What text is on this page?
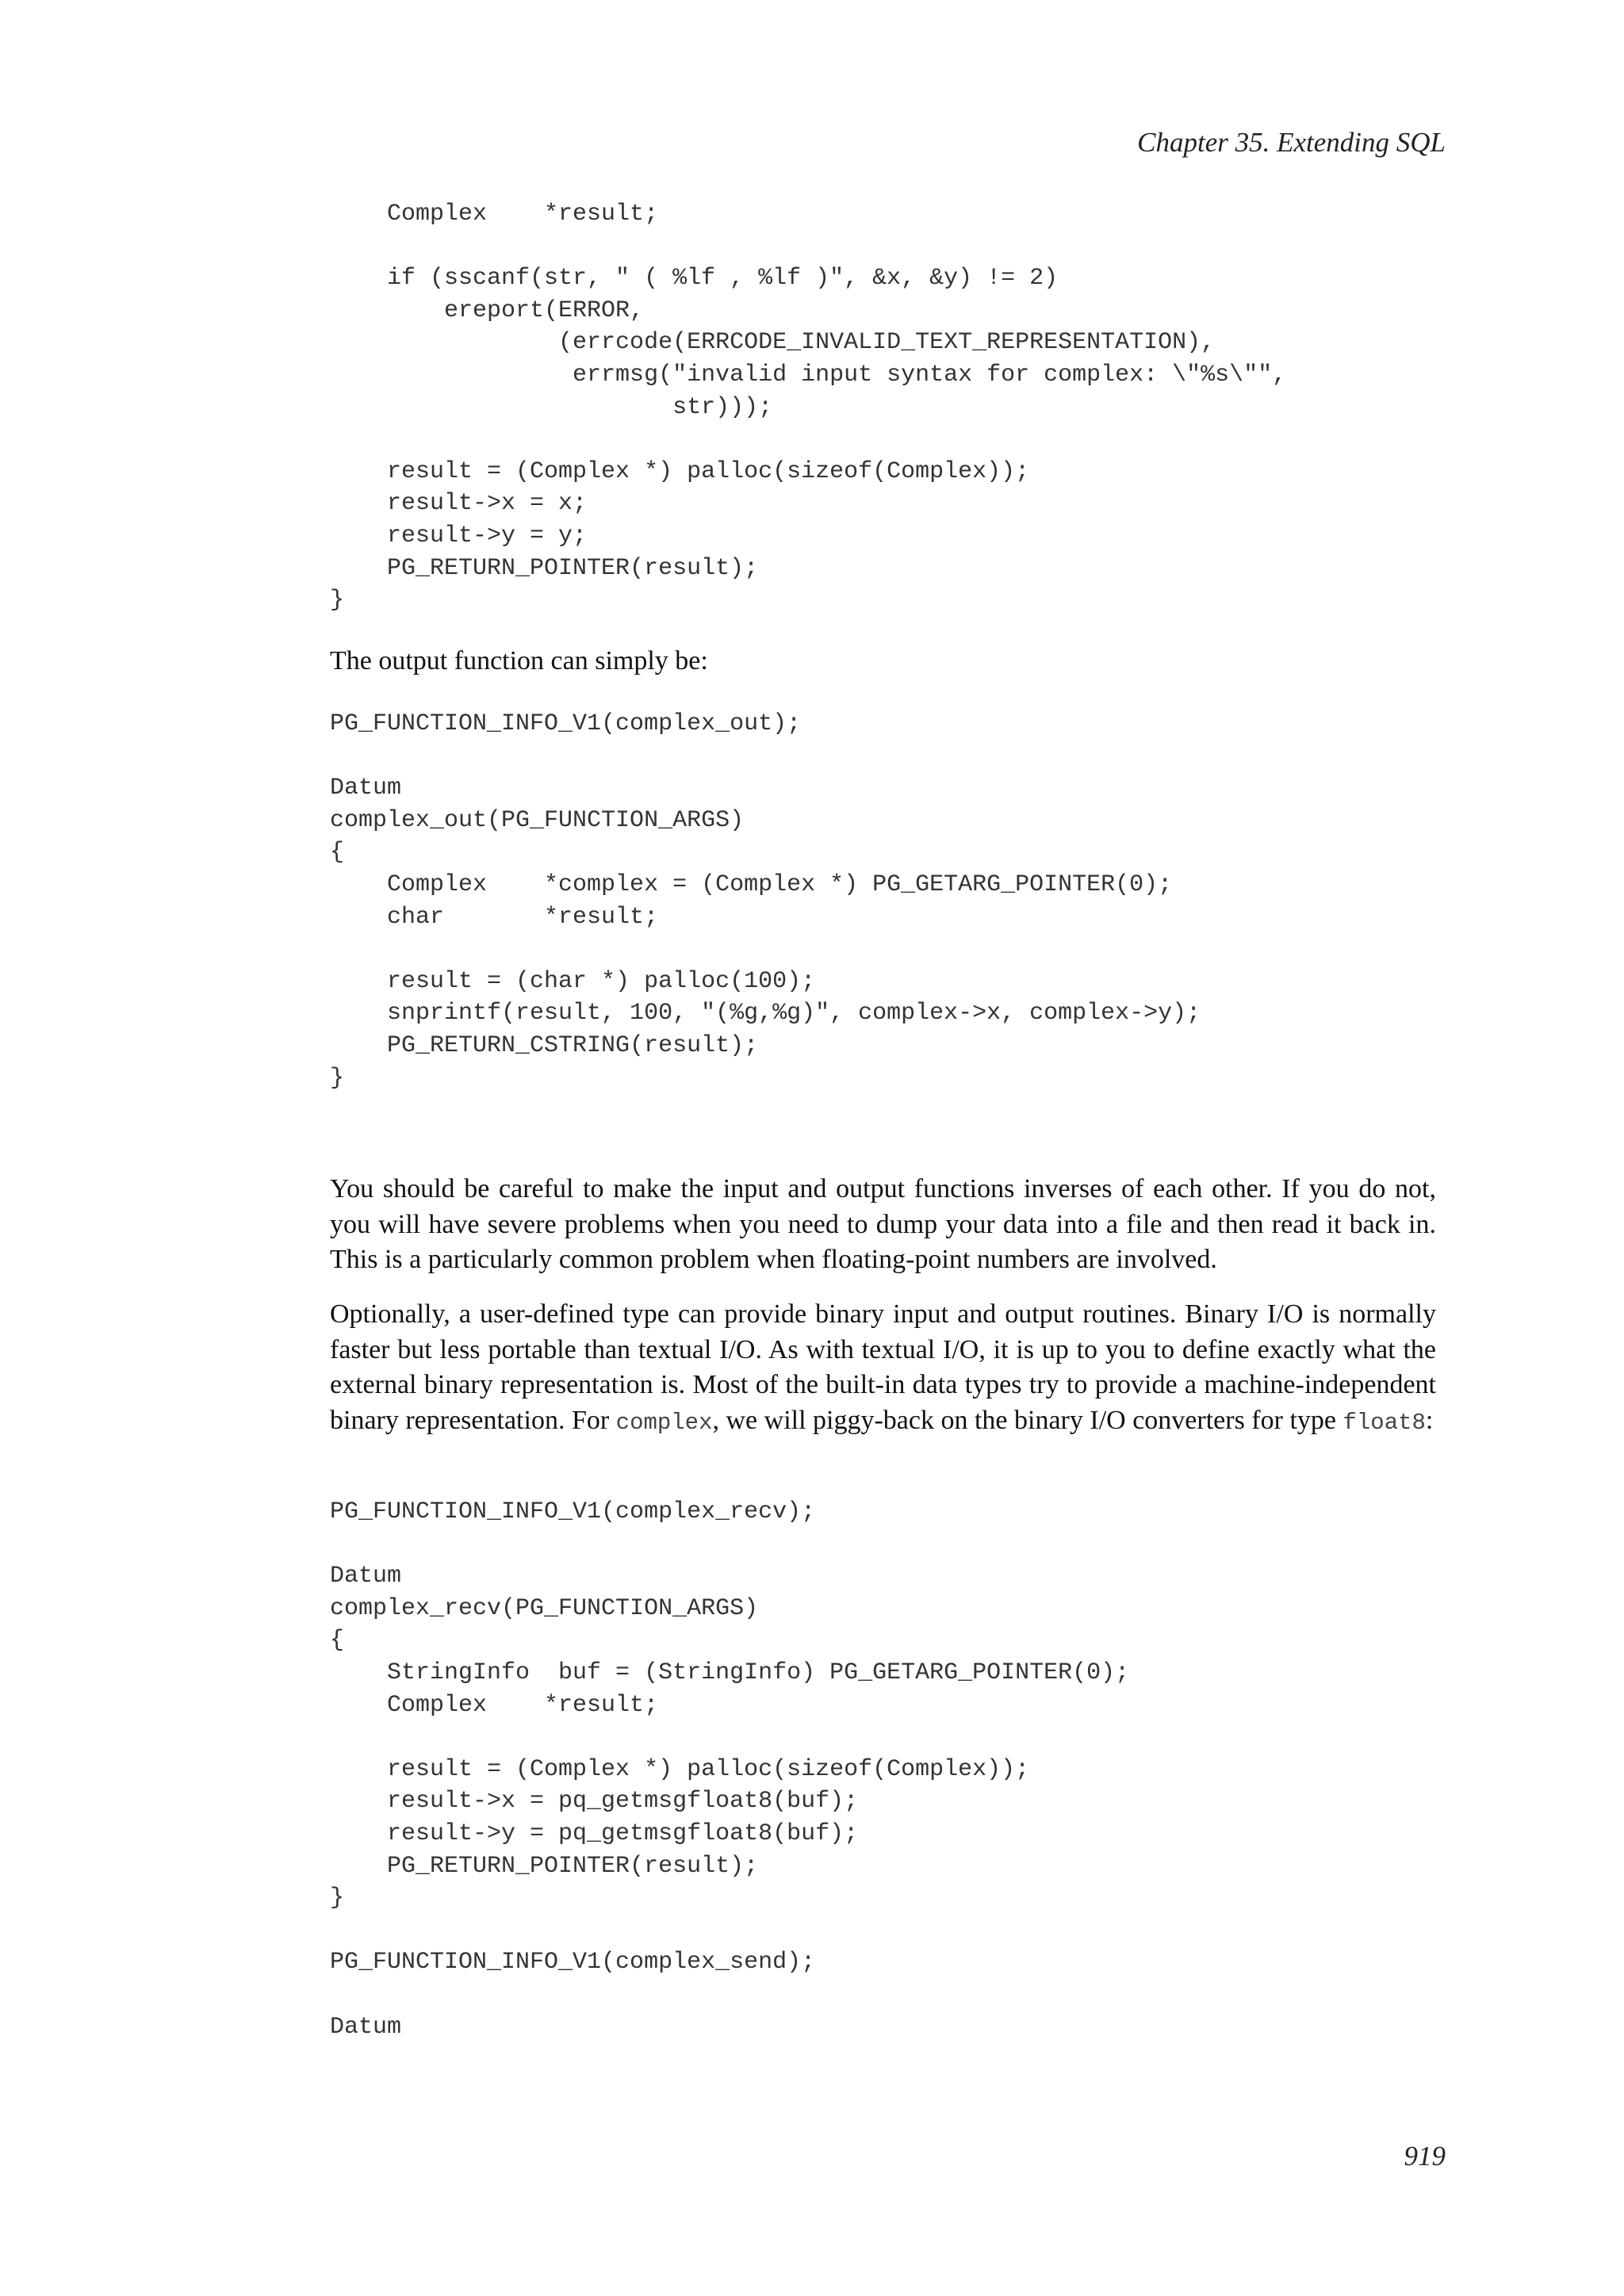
Chapter 35. Extending SQL
Complex    *result;

if (sscanf(str, " ( %lf , %lf )", &x, &y) != 2)
ereport(ERROR,
(errcode(ERRCODE_INVALID_TEXT_REPRESENTATION),
errmsg("invalid input syntax for complex: \"%s\"",
str)));

result = (Complex *) palloc(sizeof(Complex));
result->x = x;
result->y = y;
PG_RETURN_POINTER(result);
}

The output function can simply be:

PG_FUNCTION_INFO_V1(complex_out);

Datum
complex_out(PG_FUNCTION_ARGS)
{
Complex    *complex = (Complex *) PG_GETARG_POINTER(0);
char       *result;

result = (char *) palloc(100);
snprintf(result, 100, "(%g,%g)", complex->x, complex->y);
PG_RETURN_CSTRING(result);
}

You should be careful to make the input and output functions inverses of each other. If you do not, you will have severe problems when you need to dump your data into a file and then read it back in. This is a particularly common problem when floating-point numbers are involved.

Optionally, a user-defined type can provide binary input and output routines. Binary I/O is normally faster but less portable than textual I/O. As with textual I/O, it is up to you to define exactly what the external binary representation is. Most of the built-in data types try to provide a machine-independent binary representation. For complex, we will piggy-back on the binary I/O converters for type float8:

PG_FUNCTION_INFO_V1(complex_recv);

Datum
complex_recv(PG_FUNCTION_ARGS)
{
StringInfo  buf = (StringInfo) PG_GETARG_POINTER(0);
Complex    *result;

result = (Complex *) palloc(sizeof(Complex));
result->x = pq_getmsgfloat8(buf);
result->y = pq_getmsgfloat8(buf);
PG_RETURN_POINTER(result);
}

PG_FUNCTION_INFO_V1(complex_send);

Datum
919
